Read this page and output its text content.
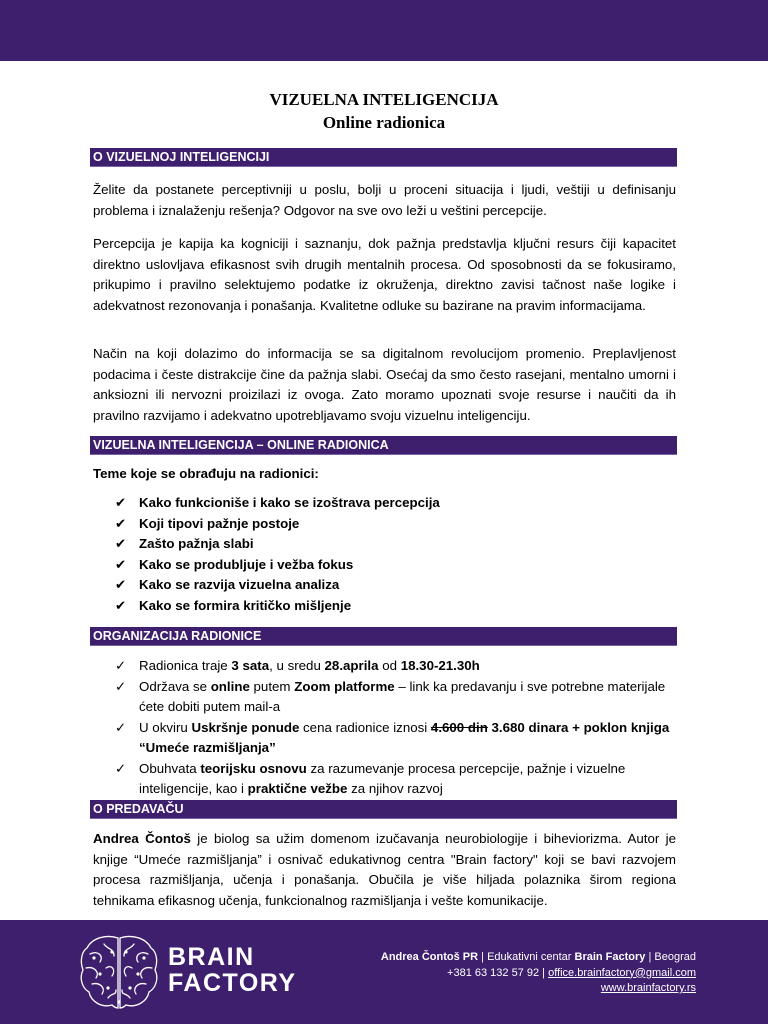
VIZUELNA INTELIGENCIJA
Online radionica
O VIZUELNOJ INTELIGENCIJI
Želite da postanete perceptivniji u poslu, bolji u proceni situacija i ljudi, veštiji u definisanju problema i iznalaženju rešenja? Odgovor na sve ovo leži u veštini percepcije.
Percepcija je kapija ka kogniciji i saznanju, dok pažnja predstavlja ključni resurs čiji kapacitet direktno uslovljava efikasnost svih drugih mentalnih procesa. Od sposobnosti da se fokusiramo, prikupimo i pravilno selektujemo podatke iz okruženja, direktno zavisi tačnost naše logike i adekvatnost rezonovanja i ponašanja. Kvalitetne odluke su bazirane na pravim informacijama.
Način na koji dolazimo do informacija se sa digitalnom revolucijom promenio. Preplavljenost podacima i česte distrakcije čine da pažnja slabi. Osećaj da smo često rasejani, mentalno umorni i anksiozni ili nervozni proizilazi iz ovoga. Zato moramo upoznati svoje resurse i naučiti da ih pravilno razvijamo i adekvatno upotrebljavamo svoju vizuelnu inteligenciju.
VIZUELNA INTELIGENCIJA – ONLINE RADIONICA
Teme koje se obrađuju na radionici:
✔ Kako funkcioniše i kako se izoštrava percepcija
✔ Koji tipovi pažnje postoje
✔ Zašto pažnja slabi
✔ Kako se produbljuje i vežba fokus
✔ Kako se razvija vizuelna analiza
✔ Kako se formira kritičko mišljenje
ORGANIZACIJA RADIONICE
✓ Radionica traje 3 sata, u sredu 28.aprila od 18.30-21.30h
✓ Održava se online putem Zoom platforme – link ka predavanju i sve potrebne materijale ćete dobiti putem mail-a
✓ U okviru Uskršnje ponude cena radionice iznosi 4.600 din 3.680 dinara + poklon knjiga “Umeće razmišljanja”
✓ Obuhvata teorijsku osnovu za razumevanje procesa percepcije, pažnje i vizuelne inteligencije, kao i praktične vežbe za njihov razvoj
O PREDAVAČU
Andrea Čontoš je biolog sa užim domenom izučavanja neurobiologije i biheviorizma. Autor je knjige “Umeće razmišljanja” i osnivač edukativnog centra "Brain factory" koji se bavi razvojem procesa razmišljanja, učenja i ponašanja. Obučila je više hiljada polaznika širom regiona tehnikama efikasnog učenja, funkcionalnog razmišljanja i vešte komunikacije.
BRAIN
FACTORY
Andrea Čontoš PR | Edukativni centar Brain Factory | Beograd
+381 63 132 57 92 | office.brainfactory@gmail.com
www.brainfactory.rs
